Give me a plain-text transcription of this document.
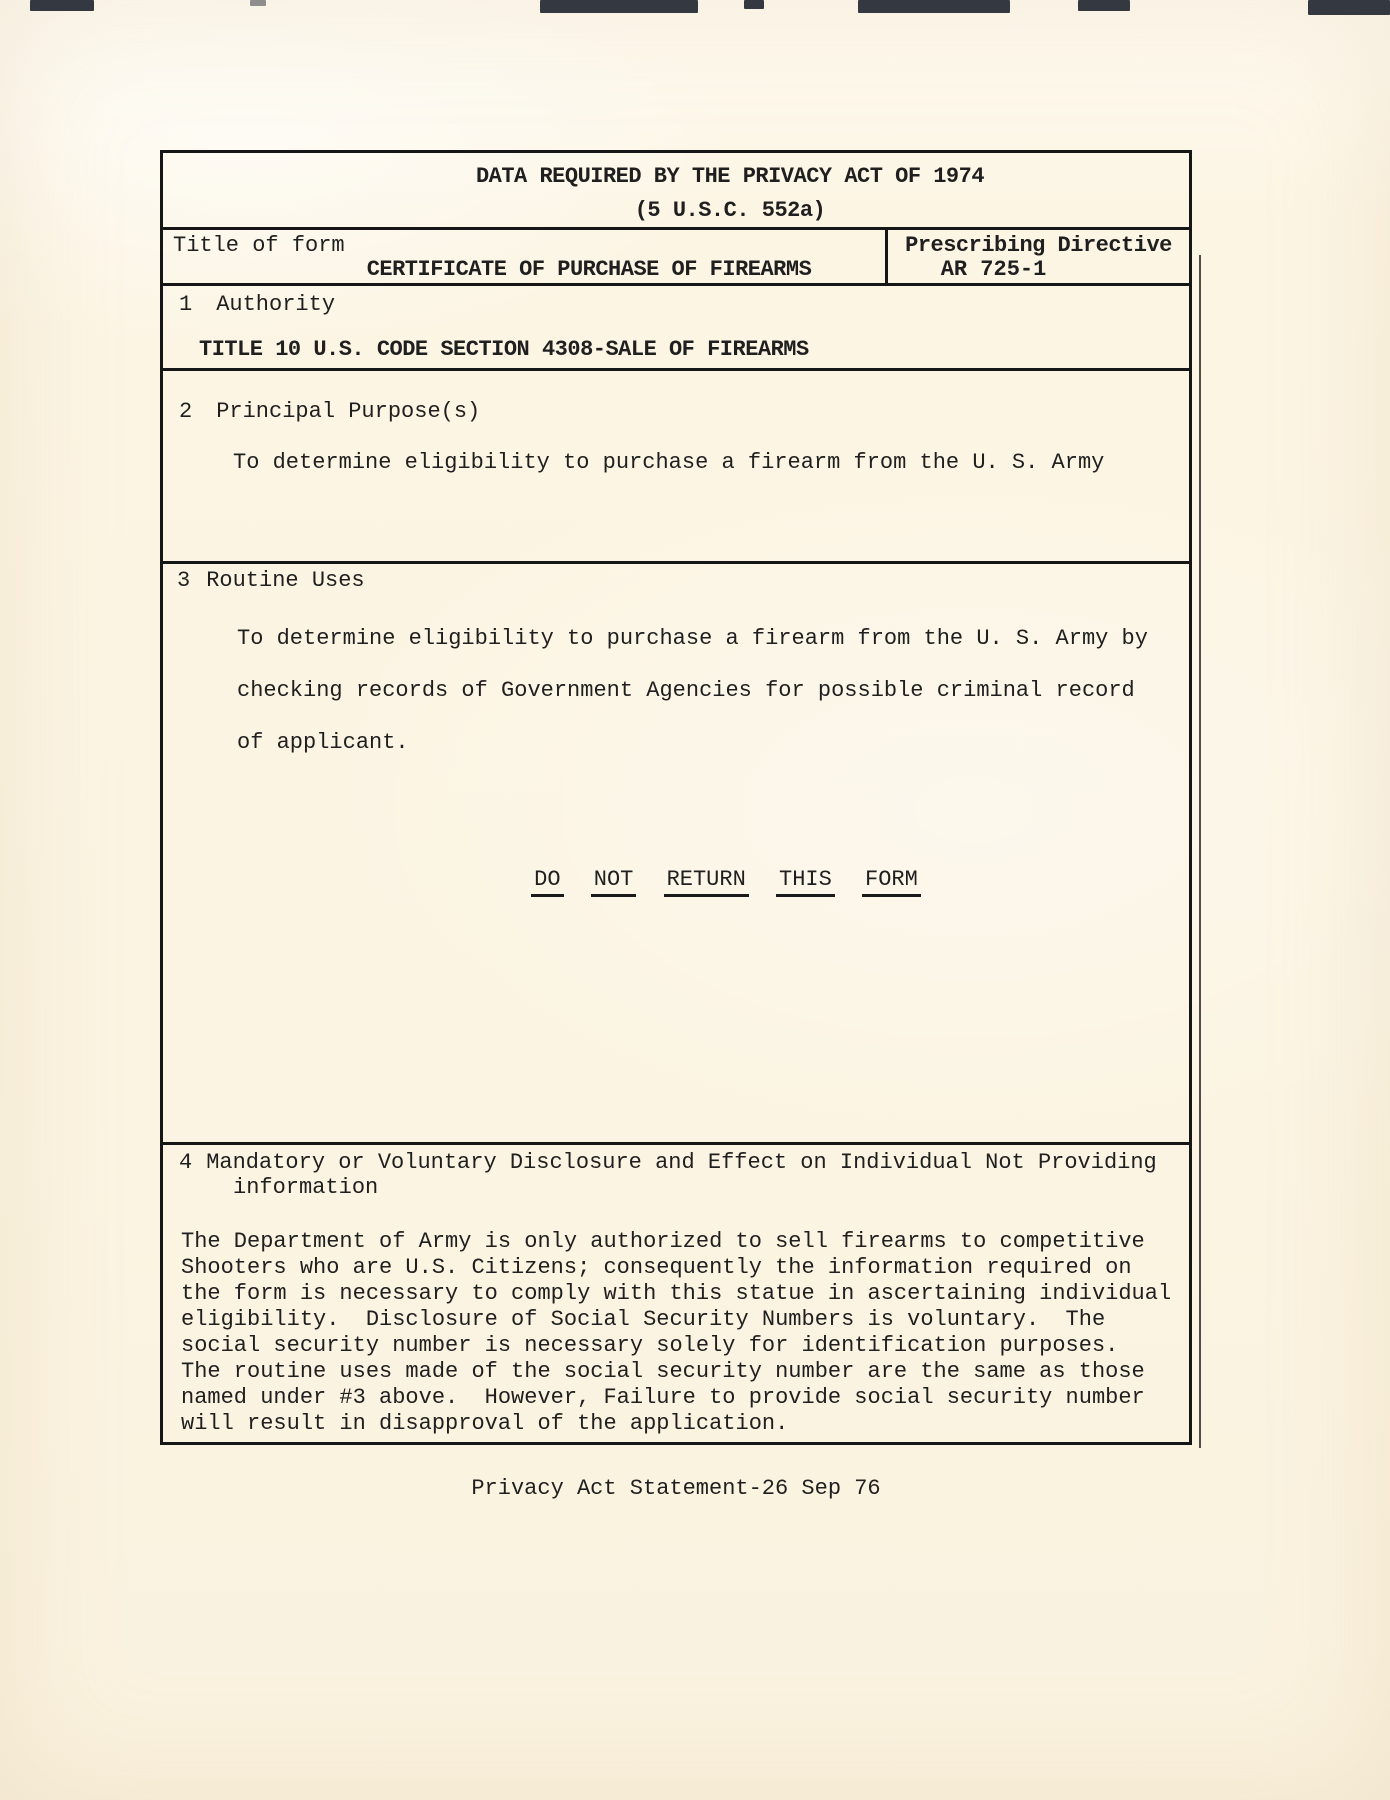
DATA REQUIRED BY THE PRIVACY ACT OF 1974
(5 U.S.C. 552a)
Title of form
CERTIFICATE OF PURCHASE OF FIREARMS
Prescribing Directive
AR 725-1
1 Authority
TITLE 10 U.S. CODE SECTION 4308-SALE OF FIREARMS
2 Principal Purpose(s)
To determine eligibility to purchase a firearm from the U. S. Army
3 Routine Uses
To determine eligibility to purchase a firearm from the U. S. Army by
checking records of Government Agencies for possible criminal record
of applicant.
DO NOT RETURN THIS FORM
4 Mandatory or Voluntary Disclosure and Effect on Individual Not Providing
information
The Department of Army is only authorized to sell firearms to competitive
Shooters who are U.S. Citizens; consequently the information required on
the form is necessary to comply with this statue in ascertaining individual
eligibility.  Disclosure of Social Security Numbers is voluntary.  The
social security number is necessary solely for identification purposes.
The routine uses made of the social security number are the same as those
named under #3 above.  However, Failure to provide social security number
will result in disapproval of the application.
Privacy Act Statement-26 Sep 76
